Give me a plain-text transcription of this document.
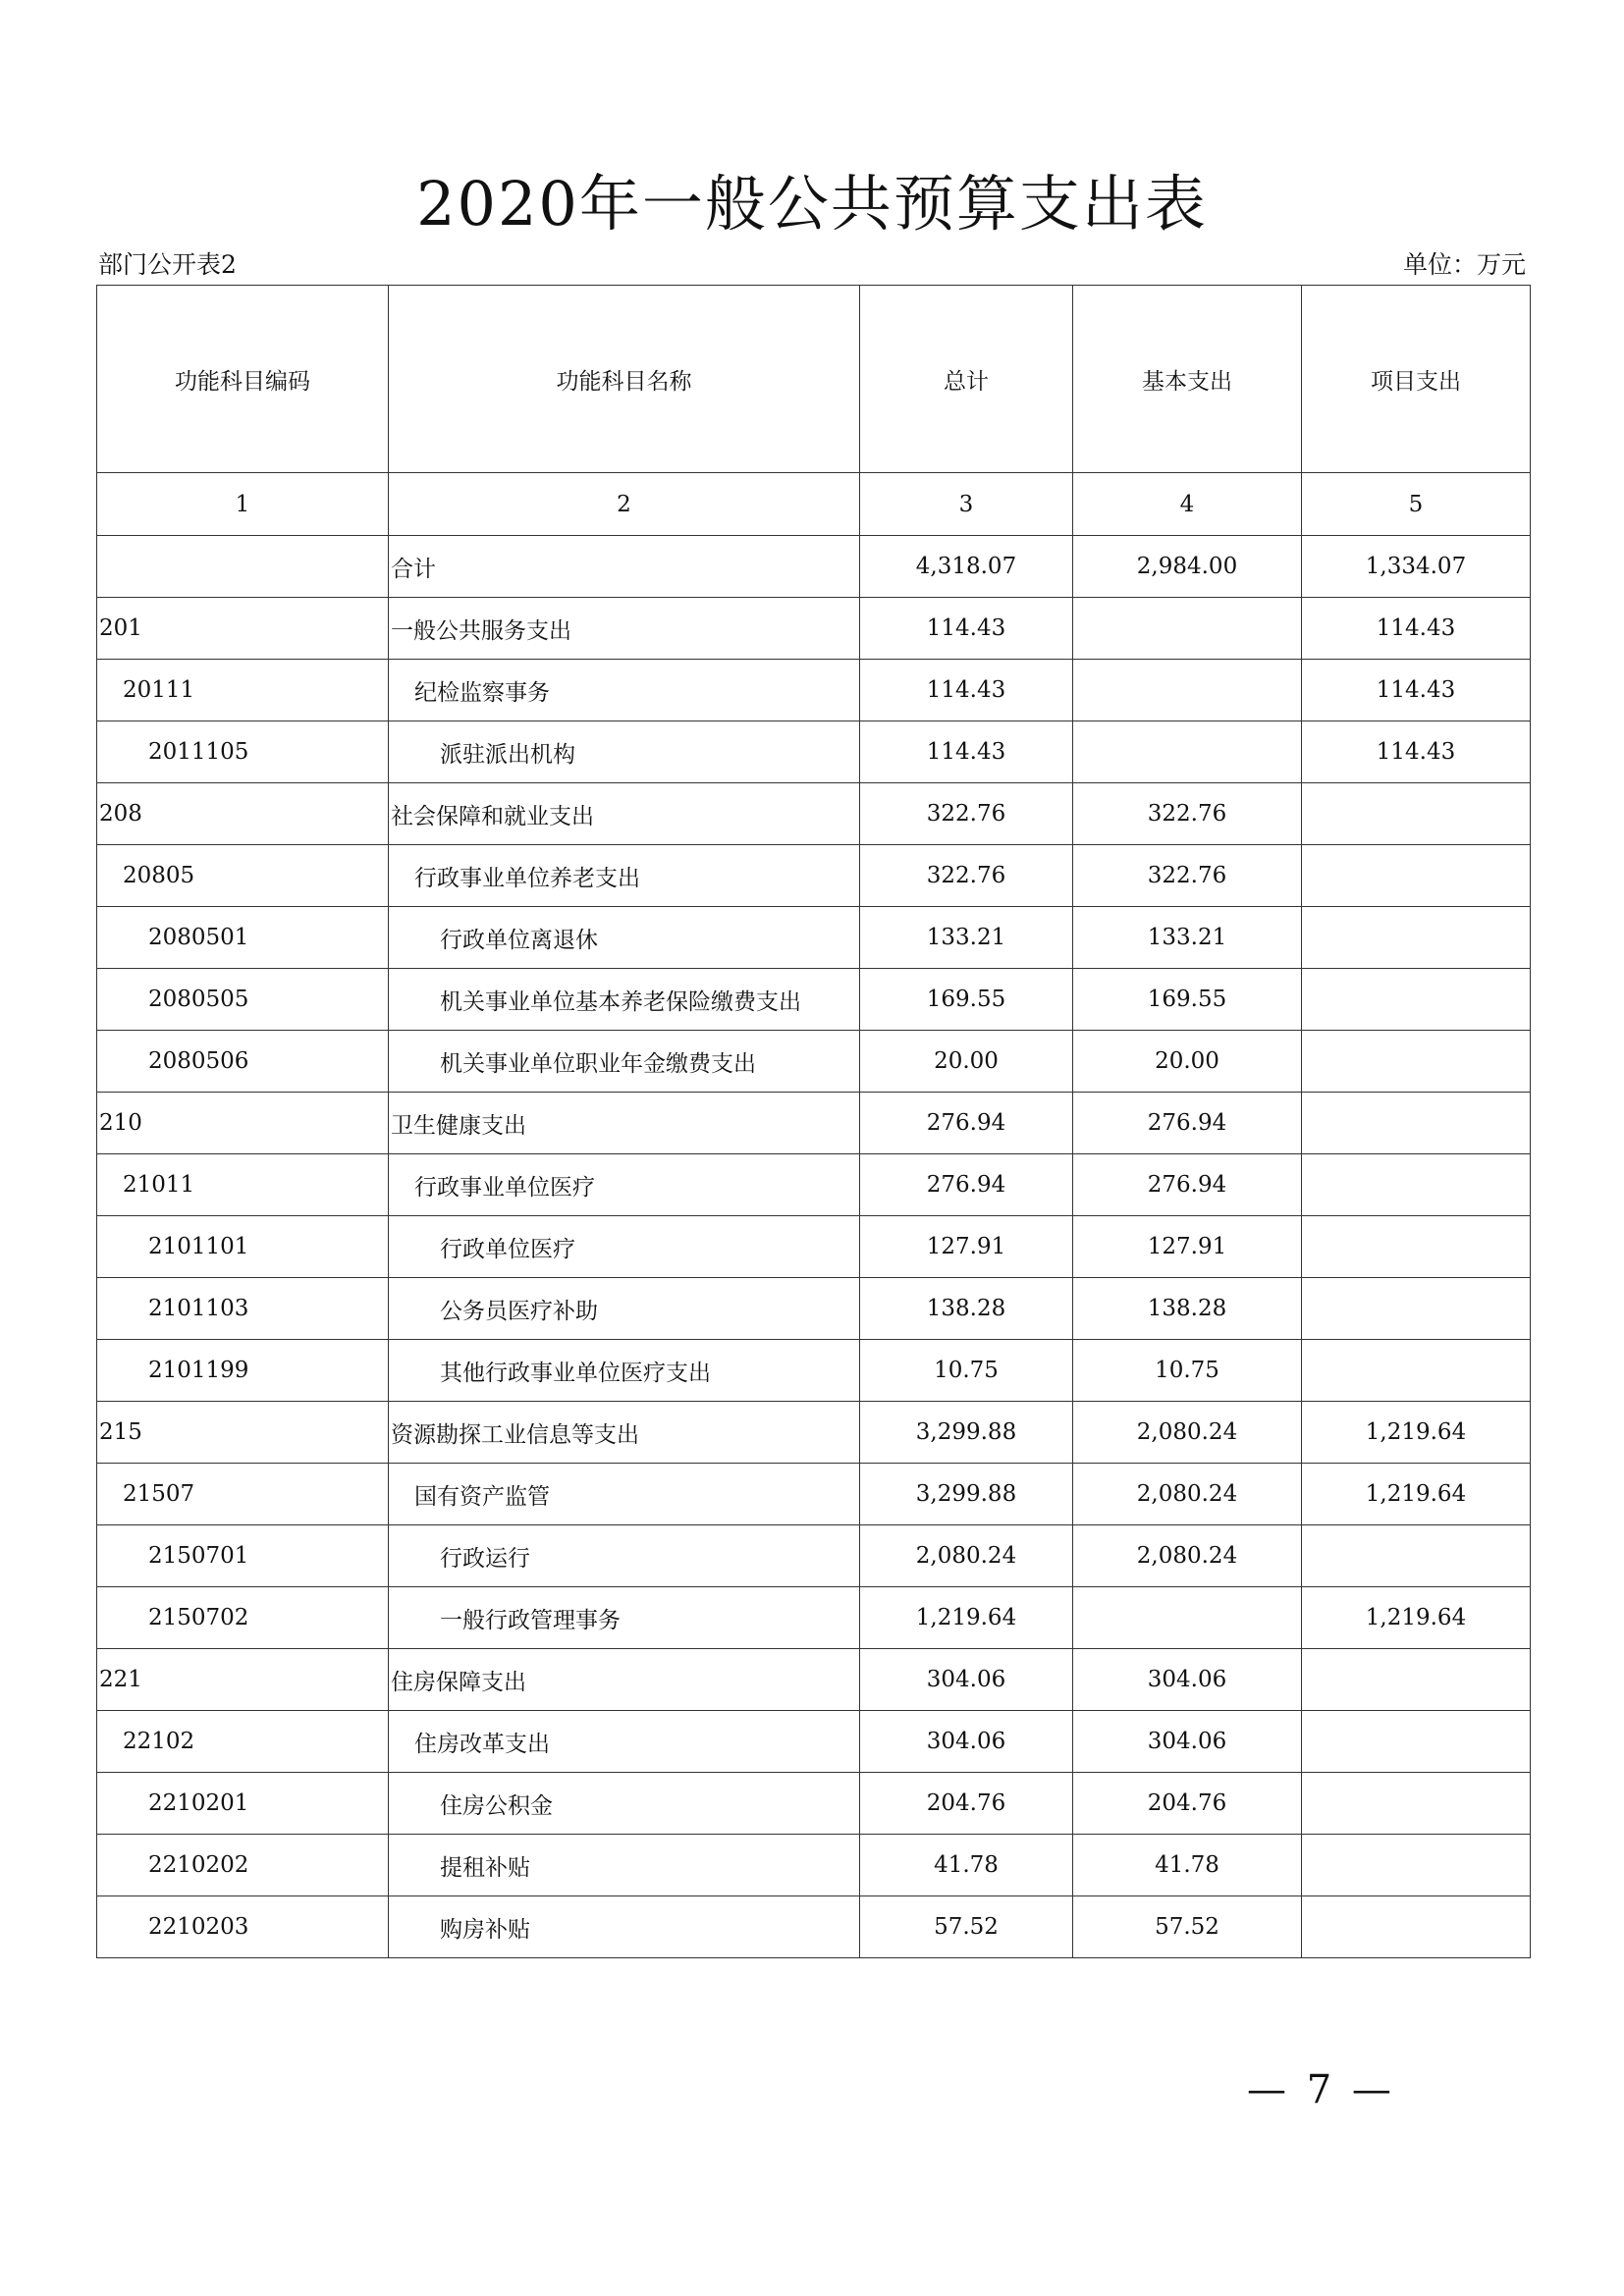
2020年一般公共预算支出表
部门公开表2	单位：万元
功能科目编码	功能科目名称	总计	基本支出	项目支出
1	2	3	4	5
	合计	4,318.07	2,984.00	1,334.07
201	一般公共服务支出	114.43		114.43
20111	纪检监察事务	114.43		114.43
2011105	派驻派出机构	114.43		114.43
208	社会保障和就业支出	322.76	322.76	
20805	行政事业单位养老支出	322.76	322.76	
2080501	行政单位离退休	133.21	133.21	
2080505	机关事业单位基本养老保险缴费支出	169.55	169.55	
2080506	机关事业单位职业年金缴费支出	20.00	20.00	
210	卫生健康支出	276.94	276.94	
21011	行政事业单位医疗	276.94	276.94	
2101101	行政单位医疗	127.91	127.91	
2101103	公务员医疗补助	138.28	138.28	
2101199	其他行政事业单位医疗支出	10.75	10.75	
215	资源勘探工业信息等支出	3,299.88	2,080.24	1,219.64
21507	国有资产监管	3,299.88	2,080.24	1,219.64
2150701	行政运行	2,080.24	2,080.24	
2150702	一般行政管理事务	1,219.64		1,219.64
221	住房保障支出	304.06	304.06	
22102	住房改革支出	304.06	304.06	
2210201	住房公积金	204.76	204.76	
2210202	提租补贴	41.78	41.78	
2210203	购房补贴	57.52	57.52	
— 7 —
